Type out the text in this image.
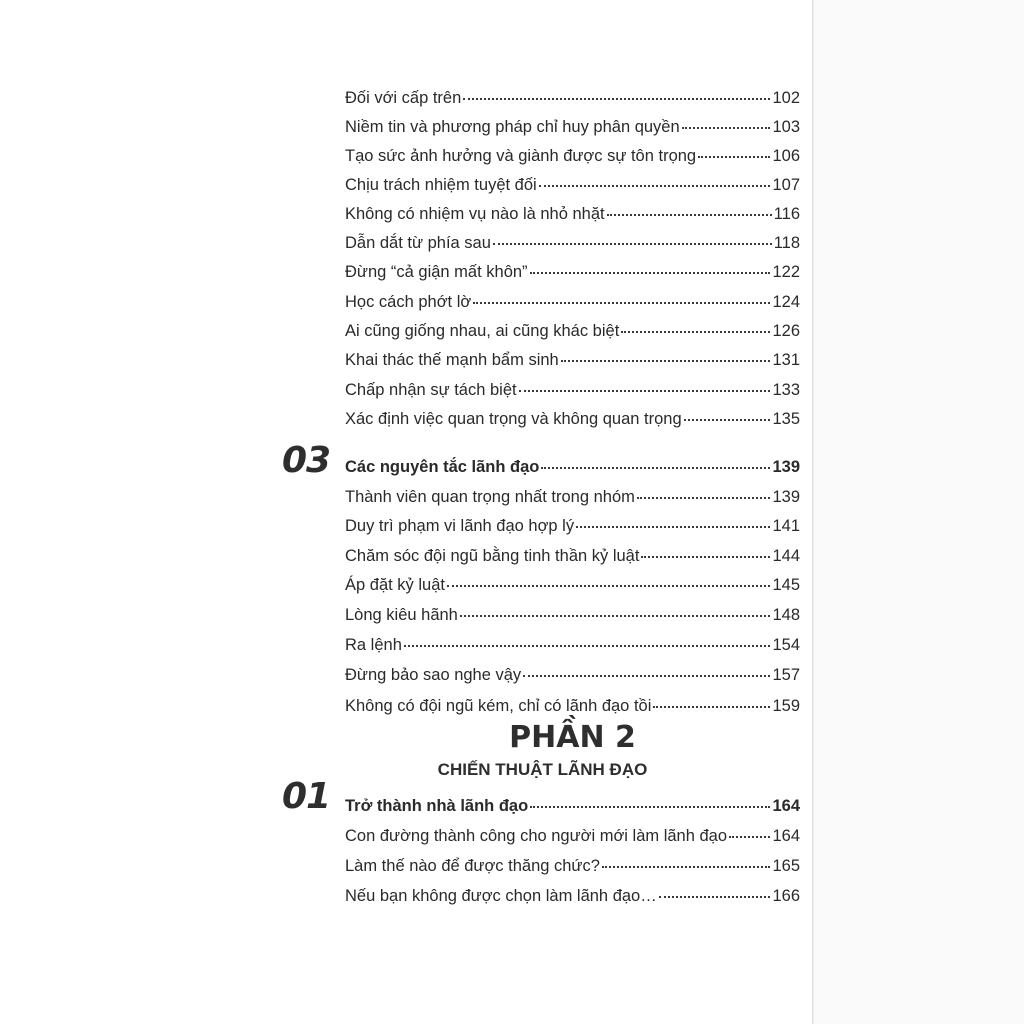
Đối với cấp trên	102
Niềm tin và phương pháp chỉ huy phân quyền	103
Tạo sức ảnh hưởng và giành được sự tôn trọng	106
Chịu trách nhiệm tuyệt đối	107
Không có nhiệm vụ nào là nhỏ nhặt	116
Dẫn dắt từ phía sau	118
Đừng “cả giận mất khôn”	122
Học cách phớt lờ	124
Ai cũng giống nhau, ai cũng khác biệt	126
Khai thác thế mạnh bẩm sinh	131
Chấp nhận sự tách biệt	133
Xác định việc quan trọng và không quan trọng	135
03 Các nguyên tắc lãnh đạo	139
Thành viên quan trọng nhất trong nhóm	139
Duy trì phạm vi lãnh đạo hợp lý	141
Chăm sóc đội ngũ bằng tinh thần kỷ luật	144
Áp đặt kỷ luật	145
Lòng kiêu hãnh	148
Ra lệnh	154
Đừng bảo sao nghe vậy	157
Không có đội ngũ kém, chỉ có lãnh đạo tồi	159
PHẦN 2
CHIẾN THUẬT LÃNH ĐẠO
01 Trở thành nhà lãnh đạo	164
Con đường thành công cho người mới làm lãnh đạo	164
Làm thế nào để được thăng chức?	165
Nếu bạn không được chọn làm lãnh đạo…	166
